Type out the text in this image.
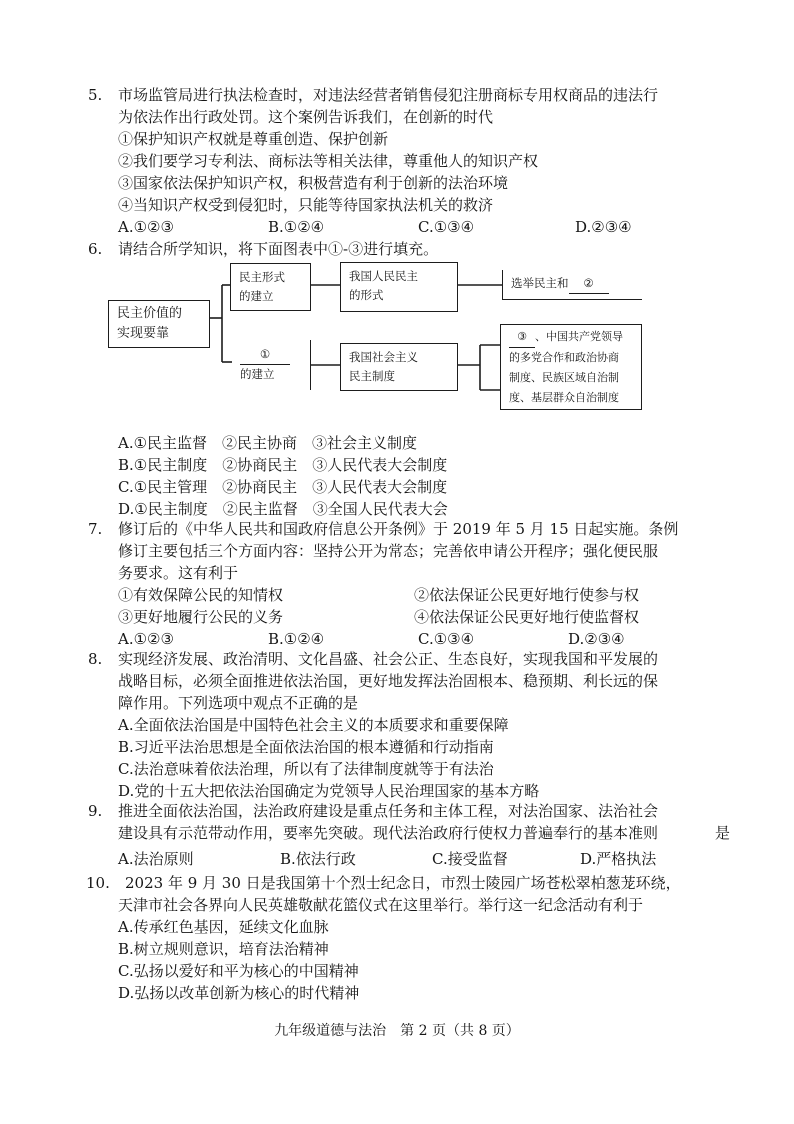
5. 市场监管局进行执法检查时，对违法经营者销售侵犯注册商标专用权商品的违法行
为依法作出行政处罚。这个案例告诉我们，在创新的时代
①保护知识产权就是尊重创造、保护创新
②我们要学习专利法、商标法等相关法律，尊重他人的知识产权
③国家依法保护知识产权，积极营造有利于创新的法治环境
④当知识产权受到侵犯时，只能等待国家执法机关的救济
A.①②③	B.①②④	C.①③④	D.②③④
6. 请结合所学知识，将下面图表中①-③进行填充。
民主价值的
实现要靠
民主形式
的建立
①
的建立
我国人民民主
的形式
我国社会主义
民主制度
选举民主和 ②
③ 、中国共产党领导
的多党合作和政治协商
制度、民族区域自治制
度、基层群众自治制度
A.①民主监督　②民主协商　③社会主义制度
B.①民主制度　②协商民主　③人民代表大会制度
C.①民主管理　②协商民主　③人民代表大会制度
D.①民主制度　②民主监督　③全国人民代表大会
7. 修订后的《中华人民共和国政府信息公开条例》于 2019 年 5 月 15 日起实施。条例
修订主要包括三个方面内容：坚持公开为常态；完善依申请公开程序；强化便民服
务要求。这有利于
①有效保障公民的知情权	②依法保证公民更好地行使参与权
③更好地履行公民的义务	④依法保证公民更好地行使监督权
A.①②③	B.①②④	C.①③④	D.②③④
8. 实现经济发展、政治清明、文化昌盛、社会公正、生态良好，实现我国和平发展的
战略目标，必须全面推进依法治国，更好地发挥法治固根本、稳预期、利长远的保
障作用。下列选项中观点不正确的是
A.全面依法治国是中国特色社会主义的本质要求和重要保障
B.习近平法治思想是全面依法治国的根本遵循和行动指南
C.法治意味着依法治理，所以有了法律制度就等于有法治
D.党的十五大把依法治国确定为党领导人民治理国家的基本方略
9. 推进全面依法治国，法治政府建设是重点任务和主体工程，对法治国家、法治社会
建设具有示范带动作用，要率先突破。现代法治政府行使权力普遍奉行的基本准则	是
A.法治原则	B.依法行政	C.接受监督	D.严格执法
10. 2023 年 9 月 30 日是我国第十个烈士纪念日，市烈士陵园广场苍松翠柏葱茏环绕，
天津市社会各界向人民英雄敬献花篮仪式在这里举行。举行这一纪念活动有利于
A.传承红色基因，延续文化血脉
B.树立规则意识，培育法治精神
C.弘扬以爱好和平为核心的中国精神
D.弘扬以改革创新为核心的时代精神
九年级道德与法治　第 2 页（共 8 页）
